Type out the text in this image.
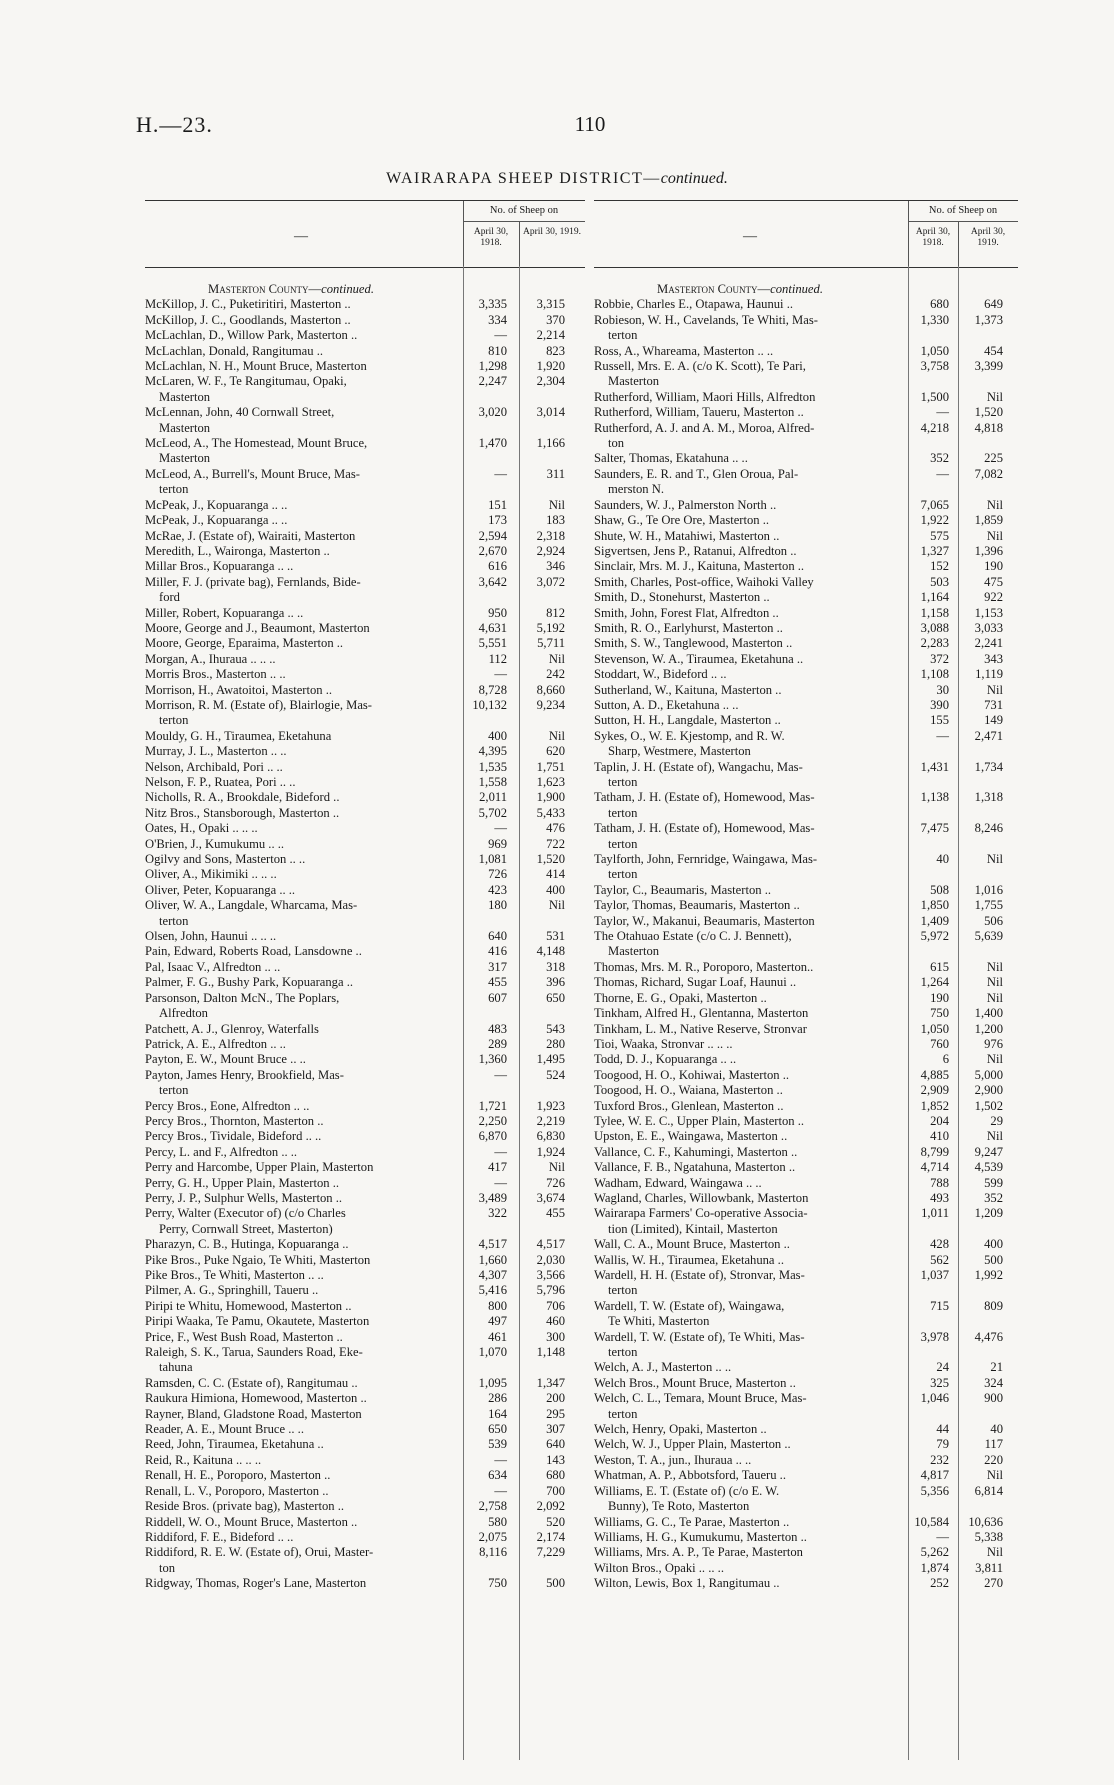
H.—23.	110
WAIRARAPA SHEEP DISTRICT—continued.
—
No. of Sheep on
April 30, 1918.
April 30, 1919.
Masterton County—continued.
McKillop, J. C., Puketiritiri, Masterton ..	3,335	3,315
McKillop, J. C., Goodlands, Masterton ..	334	370
McLachlan, D., Willow Park, Masterton ..	—	2,214
McLachlan, Donald, Rangitumau ..	810	823
McLachlan, N. H., Mount Bruce, Masterton	1,298	1,920
McLaren, W. F., Te Rangitumau, Opaki,	2,247	2,304
Masterton
McLennan, John, 40 Cornwall Street,	3,020	3,014
Masterton
McLeod, A., The Homestead, Mount Bruce,	1,470	1,166
Masterton
McLeod, A., Burrell's, Mount Bruce, Mas-	—	311
terton
McPeak, J., Kopuaranga .. ..	151	Nil
McPeak, J., Kopuaranga .. ..	173	183
McRae, J. (Estate of), Wairaiti, Masterton	2,594	2,318
Meredith, L., Waironga, Masterton ..	2,670	2,924
Millar Bros., Kopuaranga .. ..	616	346
Miller, F. J. (private bag), Fernlands, Bide-	3,642	3,072
ford
Miller, Robert, Kopuaranga .. ..	950	812
Moore, George and J., Beaumont, Masterton	4,631	5,192
Moore, George, Eparaima, Masterton ..	5,551	5,711
Morgan, A., Ihuraua .. .. ..	112	Nil
Morris Bros., Masterton .. ..	—	242
Morrison, H., Awatoitoi, Masterton ..	8,728	8,660
Morrison, R. M. (Estate of), Blairlogie, Mas-	10,132	9,234
terton
Mouldy, G. H., Tiraumea, Eketahuna	400	Nil
Murray, J. L., Masterton .. ..	4,395	620
Nelson, Archibald, Pori .. ..	1,535	1,751
Nelson, F. P., Ruatea, Pori .. ..	1,558	1,623
Nicholls, R. A., Brookdale, Bideford ..	2,011	1,900
Nitz Bros., Stansborough, Masterton ..	5,702	5,433
Oates, H., Opaki .. .. ..	—	476
O'Brien, J., Kumukumu .. ..	969	722
Ogilvy and Sons, Masterton .. ..	1,081	1,520
Oliver, A., Mikimiki .. .. ..	726	414
Oliver, Peter, Kopuaranga .. ..	423	400
Oliver, W. A., Langdale, Wharcama, Mas-	180	Nil
terton
Olsen, John, Haunui .. .. ..	640	531
Pain, Edward, Roberts Road, Lansdowne ..	416	4,148
Pal, Isaac V., Alfredton .. ..	317	318
Palmer, F. G., Bushy Park, Kopuaranga ..	455	396
Parsonson, Dalton McN., The Poplars,	607	650
Alfredton
Patchett, A. J., Glenroy, Waterfalls	483	543
Patrick, A. E., Alfredton .. ..	289	280
Payton, E. W., Mount Bruce .. ..	1,360	1,495
Payton, James Henry, Brookfield, Mas-	—	524
terton
Percy Bros., Eone, Alfredton .. ..	1,721	1,923
Percy Bros., Thornton, Masterton ..	2,250	2,219
Percy Bros., Tividale, Bideford .. ..	6,870	6,830
Percy, L. and F., Alfredton .. ..	—	1,924
Perry and Harcombe, Upper Plain, Masterton	417	Nil
Perry, G. H., Upper Plain, Masterton ..	—	726
Perry, J. P., Sulphur Wells, Masterton ..	3,489	3,674
Perry, Walter (Executor of) (c/o Charles	322	455
Perry, Cornwall Street, Masterton)
Pharazyn, C. B., Hutinga, Kopuaranga ..	4,517	4,517
Pike Bros., Puke Ngaio, Te Whiti, Masterton	1,660	2,030
Pike Bros., Te Whiti, Masterton .. ..	4,307	3,566
Pilmer, A. G., Springhill, Taueru ..	5,416	5,796
Piripi te Whitu, Homewood, Masterton ..	800	706
Piripi Waaka, Te Pamu, Okautete, Masterton	497	460
Price, F., West Bush Road, Masterton ..	461	300
Raleigh, S. K., Tarua, Saunders Road, Eke-	1,070	1,148
tahuna
Ramsden, C. C. (Estate of), Rangitumau ..	1,095	1,347
Raukura Himiona, Homewood, Masterton ..	286	200
Rayner, Bland, Gladstone Road, Masterton	164	295
Reader, A. E., Mount Bruce .. ..	650	307
Reed, John, Tiraumea, Eketahuna ..	539	640
Reid, R., Kaituna .. .. ..	—	143
Renall, H. E., Poroporo, Masterton ..	634	680
Renall, L. V., Poroporo, Masterton ..	—	700
Reside Bros. (private bag), Masterton ..	2,758	2,092
Riddell, W. O., Mount Bruce, Masterton ..	580	520
Riddiford, F. E., Bideford .. ..	2,075	2,174
Riddiford, R. E. W. (Estate of), Orui, Master-	8,116	7,229
ton
Ridgway, Thomas, Roger's Lane, Masterton	750	500
—
No. of Sheep on
April 30, 1918.
April 30, 1919.
Masterton County—continued.
Robbie, Charles E., Otapawa, Haunui ..	680	649
Robieson, W. H., Cavelands, Te Whiti, Mas-	1,330	1,373
terton
Ross, A., Whareama, Masterton .. ..	1,050	454
Russell, Mrs. E. A. (c/o K. Scott), Te Pari,	3,758	3,399
Masterton
Rutherford, William, Maori Hills, Alfredton	1,500	Nil
Rutherford, William, Taueru, Masterton ..	—	1,520
Rutherford, A. J. and A. M., Moroa, Alfred-	4,218	4,818
ton
Salter, Thomas, Ekatahuna .. ..	352	225
Saunders, E. R. and T., Glen Oroua, Pal-	—	7,082
merston N.
Saunders, W. J., Palmerston North ..	7,065	Nil
Shaw, G., Te Ore Ore, Masterton ..	1,922	1,859
Shute, W. H., Matahiwi, Masterton ..	575	Nil
Sigvertsen, Jens P., Ratanui, Alfredton ..	1,327	1,396
Sinclair, Mrs. M. J., Kaituna, Masterton ..	152	190
Smith, Charles, Post-office, Waihoki Valley	503	475
Smith, D., Stonehurst, Masterton ..	1,164	922
Smith, John, Forest Flat, Alfredton ..	1,158	1,153
Smith, R. O., Earlyhurst, Masterton ..	3,088	3,033
Smith, S. W., Tanglewood, Masterton ..	2,283	2,241
Stevenson, W. A., Tiraumea, Eketahuna ..	372	343
Stoddart, W., Bideford .. ..	1,108	1,119
Sutherland, W., Kaituna, Masterton ..	30	Nil
Sutton, A. D., Eketahuna .. ..	390	731
Sutton, H. H., Langdale, Masterton ..	155	149
Sykes, O., W. E. Kjestomp, and R. W.	—	2,471
Sharp, Westmere, Masterton
Taplin, J. H. (Estate of), Wangachu, Mas-	1,431	1,734
terton
Tatham, J. H. (Estate of), Homewood, Mas-	1,138	1,318
terton
Tatham, J. H. (Estate of), Homewood, Mas-	7,475	8,246
terton
Taylforth, John, Fernridge, Waingawa, Mas-	40	Nil
terton
Taylor, C., Beaumaris, Masterton ..	508	1,016
Taylor, Thomas, Beaumaris, Masterton ..	1,850	1,755
Taylor, W., Makanui, Beaumaris, Masterton	1,409	506
The Otahuao Estate (c/o C. J. Bennett),	5,972	5,639
Masterton
Thomas, Mrs. M. R., Poroporo, Masterton..	615	Nil
Thomas, Richard, Sugar Loaf, Haunui ..	1,264	Nil
Thorne, E. G., Opaki, Masterton ..	190	Nil
Tinkham, Alfred H., Glentanna, Masterton	750	1,400
Tinkham, L. M., Native Reserve, Stronvar	1,050	1,200
Tioi, Waaka, Stronvar .. .. ..	760	976
Todd, D. J., Kopuaranga .. ..	6	Nil
Toogood, H. O., Kohiwai, Masterton ..	4,885	5,000
Toogood, H. O., Waiana, Masterton ..	2,909	2,900
Tuxford Bros., Glenlean, Masterton ..	1,852	1,502
Tylee, W. E. C., Upper Plain, Masterton ..	204	29
Upston, E. E., Waingawa, Masterton ..	410	Nil
Vallance, C. F., Kahumingi, Masterton ..	8,799	9,247
Vallance, F. B., Ngatahuna, Masterton ..	4,714	4,539
Wadham, Edward, Waingawa .. ..	788	599
Wagland, Charles, Willowbank, Masterton	493	352
Wairarapa Farmers' Co-operative Associa-	1,011	1,209
tion (Limited), Kintail, Masterton
Wall, C. A., Mount Bruce, Masterton ..	428	400
Wallis, W. H., Tiraumea, Eketahuna ..	562	500
Wardell, H. H. (Estate of), Stronvar, Mas-	1,037	1,992
terton
Wardell, T. W. (Estate of), Waingawa,	715	809
Te Whiti, Masterton
Wardell, T. W. (Estate of), Te Whiti, Mas-	3,978	4,476
terton
Welch, A. J., Masterton .. ..	24	21
Welch Bros., Mount Bruce, Masterton ..	325	324
Welch, C. L., Temara, Mount Bruce, Mas-	1,046	900
terton
Welch, Henry, Opaki, Masterton ..	44	40
Welch, W. J., Upper Plain, Masterton ..	79	117
Weston, T. A., jun., Ihuraua .. ..	232	220
Whatman, A. P., Abbotsford, Taueru ..	4,817	Nil
Williams, E. T. (Estate of) (c/o E. W.	5,356	6,814
Bunny), Te Roto, Masterton
Williams, G. C., Te Parae, Masterton ..	10,584	10,636
Williams, H. G., Kumukumu, Masterton ..	—	5,338
Williams, Mrs. A. P., Te Parae, Masterton	5,262	Nil
Wilton Bros., Opaki .. .. ..	1,874	3,811
Wilton, Lewis, Box 1, Rangitumau ..	252	270
